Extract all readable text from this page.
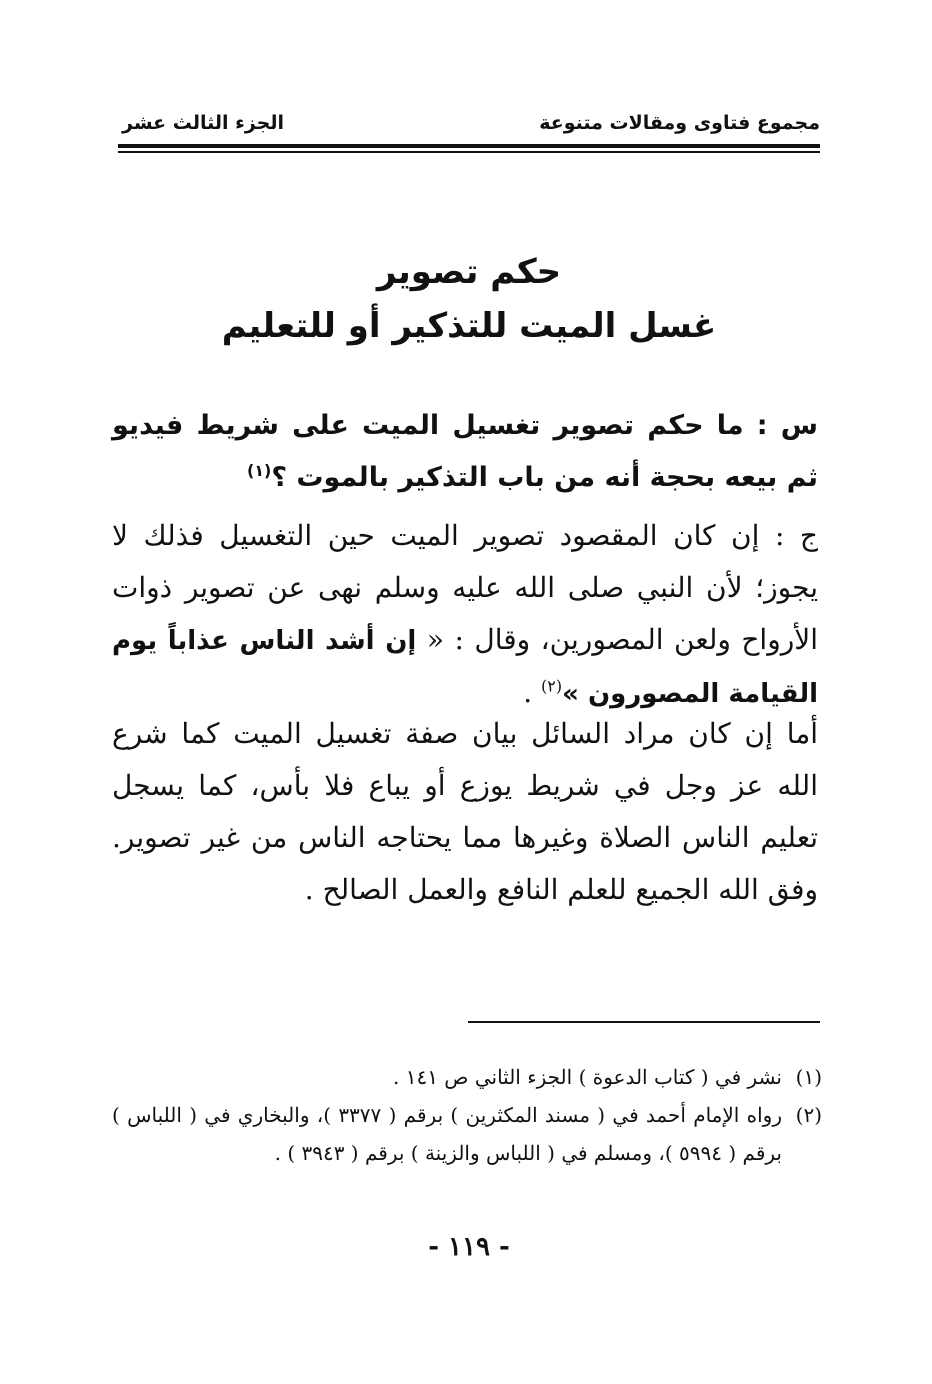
مجموع فتاوى ومقالات متنوعة
الجزء الثالث عشر
حكم تصوير
غسل الميت للتذكير أو للتعليم
س : ما حكم تصوير تغسيل الميت على شريط فيديو ثم بيعه بحجة أنه من باب التذكير بالموت ؟$^{(١)}$
ج : إن كان المقصود تصوير الميت حين التغسيل فذلك لا يجوز؛ لأن النبي صلى الله عليه وسلم نهى عن تصوير ذوات الأرواح ولعن المصورين، وقال : « إن أشد الناس عذاباً يوم القيامة المصورون »$^{(٢)}$ .
أما إن كان مراد السائل بيان صفة تغسيل الميت كما شرع الله عز وجل في شريط يوزع أو يباع فلا بأس، كما يسجل تعليم الناس الصلاة وغيرها مما يحتاجه الناس من غير تصوير. وفق الله الجميع للعلم النافع والعمل الصالح .
(١)
نشر في ( كتاب الدعوة ) الجزء الثاني ص ١٤١ .
(٢)
رواه الإمام أحمد في ( مسند المكثرين ) برقم ( ٣٣٧٧ )، والبخاري في ( اللباس ) برقم ( ٥٩٩٤ )، ومسلم في ( اللباس والزينة ) برقم ( ٣٩٤٣ ) .
- ١١٩ -
